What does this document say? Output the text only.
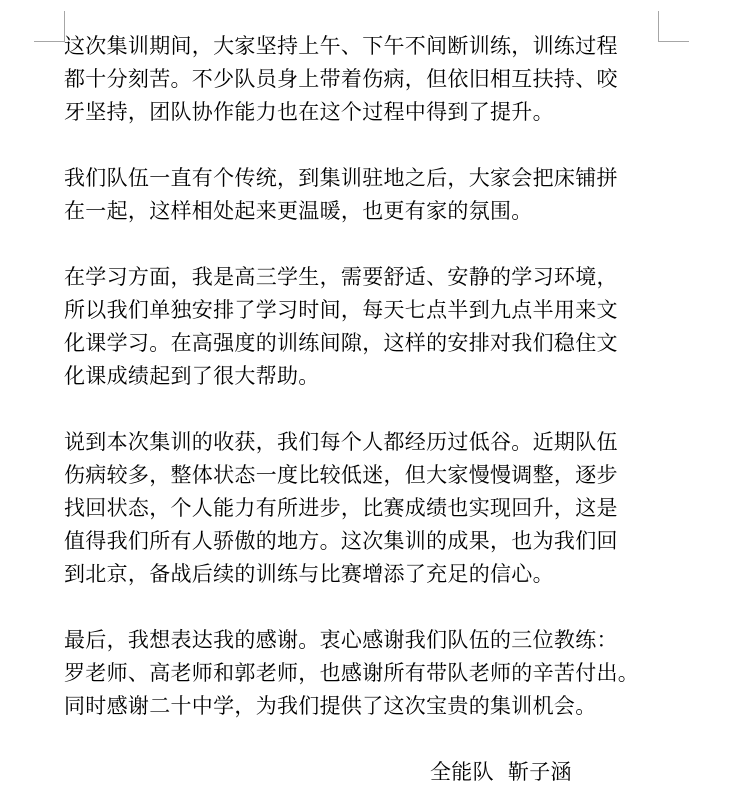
这次集训期间，大家坚持上午、下午不间断训练，训练过程
都十分刻苦。不少队员身上带着伤病，但依旧相互扶持、咬
牙坚持，团队协作能力也在这个过程中得到了提升。

我们队伍一直有个传统，到集训驻地之后，大家会把床铺拼
在一起，这样相处起来更温暖，也更有家的氛围。

在学习方面，我是高三学生，需要舒适、安静的学习环境，
所以我们单独安排了学习时间，每天七点半到九点半用来文
化课学习。在高强度的训练间隙，这样的安排对我们稳住文
化课成绩起到了很大帮助。

说到本次集训的收获，我们每个人都经历过低谷。近期队伍
伤病较多，整体状态一度比较低迷，但大家慢慢调整，逐步
找回状态，个人能力有所进步，比赛成绩也实现回升，这是
值得我们所有人骄傲的地方。这次集训的成果，也为我们回
到北京，备战后续的训练与比赛增添了充足的信心。

最后，我想表达我的感谢。衷心感谢我们队伍的三位教练：
罗老师、高老师和郭老师，也感谢所有带队老师的辛苦付出。
同时感谢二十中学，为我们提供了这次宝贵的集训机会。

全能队 靳子涵
